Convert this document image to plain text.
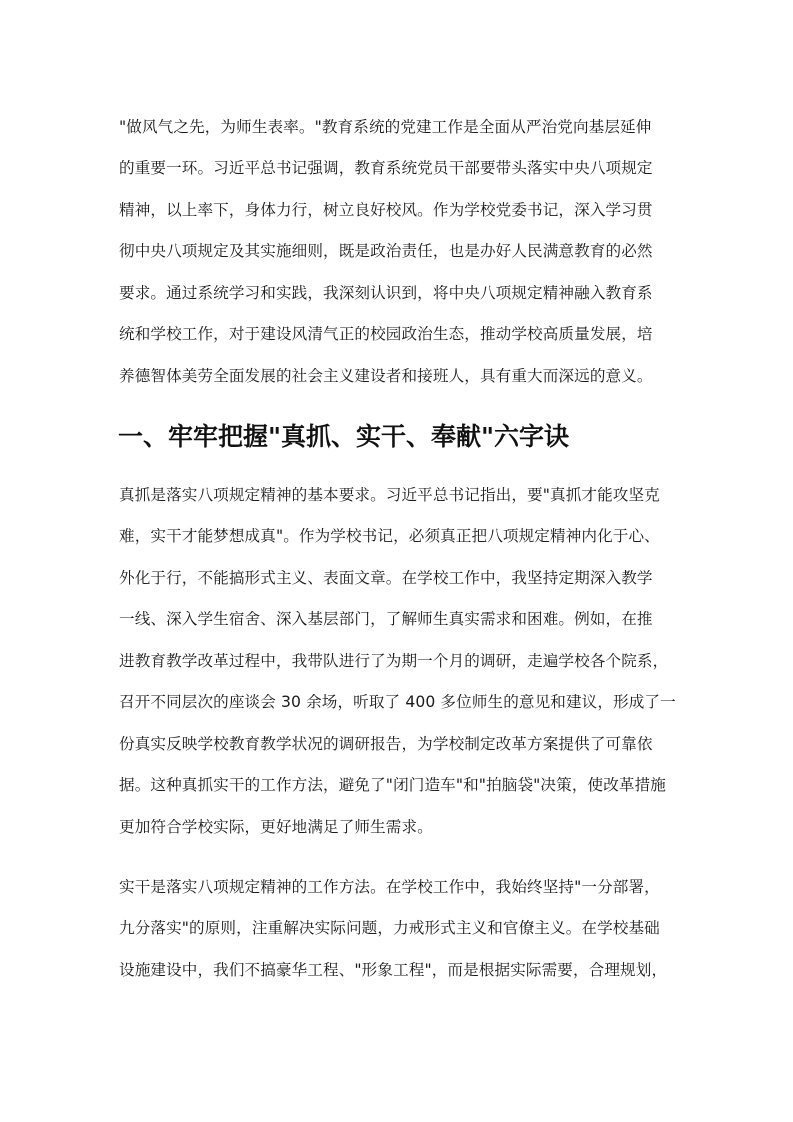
"做风气之先，为师生表率。"教育系统的党建工作是全面从严治党向基层延伸
的重要一环。习近平总书记强调，教育系统党员干部要带头落实中央八项规定
精神，以上率下，身体力行，树立良好校风。作为学校党委书记，深入学习贯
彻中央八项规定及其实施细则，既是政治责任，也是办好人民满意教育的必然
要求。通过系统学习和实践，我深刻认识到，将中央八项规定精神融入教育系
统和学校工作，对于建设风清气正的校园政治生态，推动学校高质量发展，培
养德智体美劳全面发展的社会主义建设者和接班人，具有重大而深远的意义。
一、牢牢把握"真抓、实干、奉献"六字诀
真抓是落实八项规定精神的基本要求。习近平总书记指出，要"真抓才能攻坚克
难，实干才能梦想成真"。作为学校书记，必须真正把八项规定精神内化于心、
外化于行，不能搞形式主义、表面文章。在学校工作中，我坚持定期深入教学
一线、深入学生宿舍、深入基层部门，了解师生真实需求和困难。例如，在推
进教育教学改革过程中，我带队进行了为期一个月的调研，走遍学校各个院系，
召开不同层次的座谈会 30 余场，听取了 400 多位师生的意见和建议，形成了一
份真实反映学校教育教学状况的调研报告，为学校制定改革方案提供了可靠依
据。这种真抓实干的工作方法，避免了"闭门造车"和"拍脑袋"决策，使改革措施
更加符合学校实际，更好地满足了师生需求。
实干是落实八项规定精神的工作方法。在学校工作中，我始终坚持"一分部署，
九分落实"的原则，注重解决实际问题，力戒形式主义和官僚主义。在学校基础
设施建设中，我们不搞豪华工程、"形象工程"，而是根据实际需要，合理规划，
